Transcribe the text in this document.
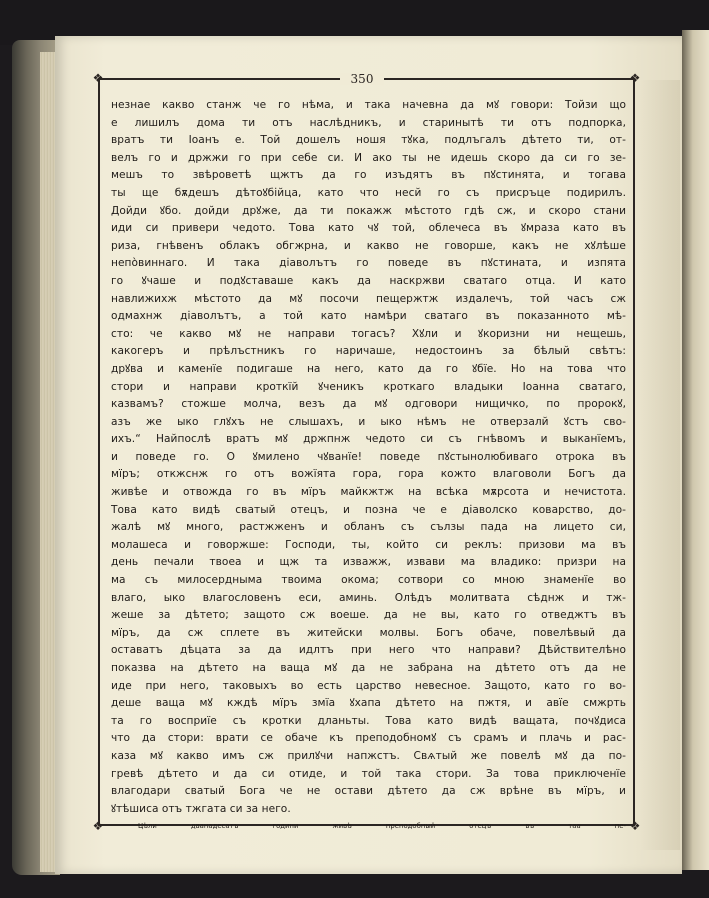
❖	❖
❖	❖
350
незнае какво станж че го нѣма, и така начевна да мꙋ говори: Тойзи що
е лишилъ дома ти отъ наслѣдникъ, и старинытѣ ти отъ подпорка,
вратъ ти Іоанъ е. Той дошелъ ношя тꙋка, подлъгалъ дѣтето ти, от-
велъ го и држжи го при себе си. И ако ты не идешь скоро да си го зе-
мешъ то звѣроветѣ щжтъ да го изъдятъ въ пꙋстинята, и тогава
ты ще бѫдешъ дѣтоꙋбійца, като что несй го съ присръце подирилъ.
Дойди ꙋбо. дойди дрꙋже, да ти покажж мѣстото гдѣ сж, и скоро стани
иди си привери чедото. Това като чꙋ той, облечеса въ ꙋмраза като въ
риза, гнѣвенъ облакъ обгжрна, и какво не говорше, какъ не хꙋлѣше
непо̀виннаго. И така діаволътъ го поведе въ пꙋстината, и изпята
го ꙋчаше и подꙋставаше какъ да наскржви сватаго отца. И като
навлижихж мѣстото да мꙋ посочи пещержтж издалечъ, той часъ сж
одмахнж діаволътъ, а той като намѣри сватаго въ показанното мѣ-
сто: че какво мꙋ не направи тогасъ? Хꙋли и ꙋкоризни ни нещешь,
какогеръ и прѣлъстникъ го наричаше, недостоинъ за бѣлый свѣтъ:
дрꙋва и каменїе подигаше на него, като да го ꙋбїе. Но на това что
стори и направи кроткїй ꙋченикъ кроткаго владыки Іоанна сватаго,
казвамъ? стожше молча, везъ да мꙋ одговори нищичко, по пророкꙋ,
азъ же ыко глꙋхъ не слышахъ, и ыко нѣмъ не отверзалй ꙋстъ сво-
ихъ.“ Найпослѣ вратъ мꙋ држпнж чедото си съ гнѣвомъ и выканїемъ,
и поведе го. О ꙋмилено чꙋванїе! поведе пꙋстынолюбиваго отрока въ
мїръ; откжснж го отъ вожїята гора, гора кожто влаговоли Богъ да
живѣе и отвожда го въ мїръ майкжтж на всѣка мѫрсота и нечистота.
Това като видѣ сватый отецъ, и позна че е діаволско коварство, до-
жалѣ мꙋ много, растжженъ и обланъ съ сълзы пада на лицето си,
молашеса и говоржше: Господи, ты, който си реклъ: призови ма въ
день печали твоеа и щж та изважж, извави ма владико: призри на
ма съ милосердныма твоима окома; сотвори со мною знаменїе во
влаго, ыко влагословенъ еси, аминь. Олѣдъ молитвата сѣднж и тж-
жеше за дѣтето; защото сж воеше. да не вы, като го отведжтъ въ
мїръ, да сж сплете въ житейски молвы. Богъ обаче, повелѣвый да
оставатъ дѣцата за да идлтъ при него что направи? Дѣйствителѣно
показва на дѣтето на ваща мꙋ да не забрана на дѣтето отъ да не
иде при него, таковыхъ во есть царство невесное. Защото, като го во-
деше ваща мꙋ кждѣ мїръ змїа ꙋхапа дѣтето на пжтя, и авїе смжрть
та го восприїе съ кротки дланьты. Това като видѣ ващата, почꙋдиса
что да стори: врати се обаче къ преподобномꙋ съ срамъ и плачь и рас-
каза мꙋ какво имъ сж прилꙋчи напжстъ. Свѧтый же повелѣ мꙋ да по-
гревѣ дѣтето и да си отиде, и той така стори. За това приключенїе
влагодари сватый Бога че не остави дѣтето да сж врѣне въ мїръ, и
ꙋтѣшиса отъ тжгата си за него.
Цѣли дванадесатъ години живѣ преподобный отецъ въ таа пе-
